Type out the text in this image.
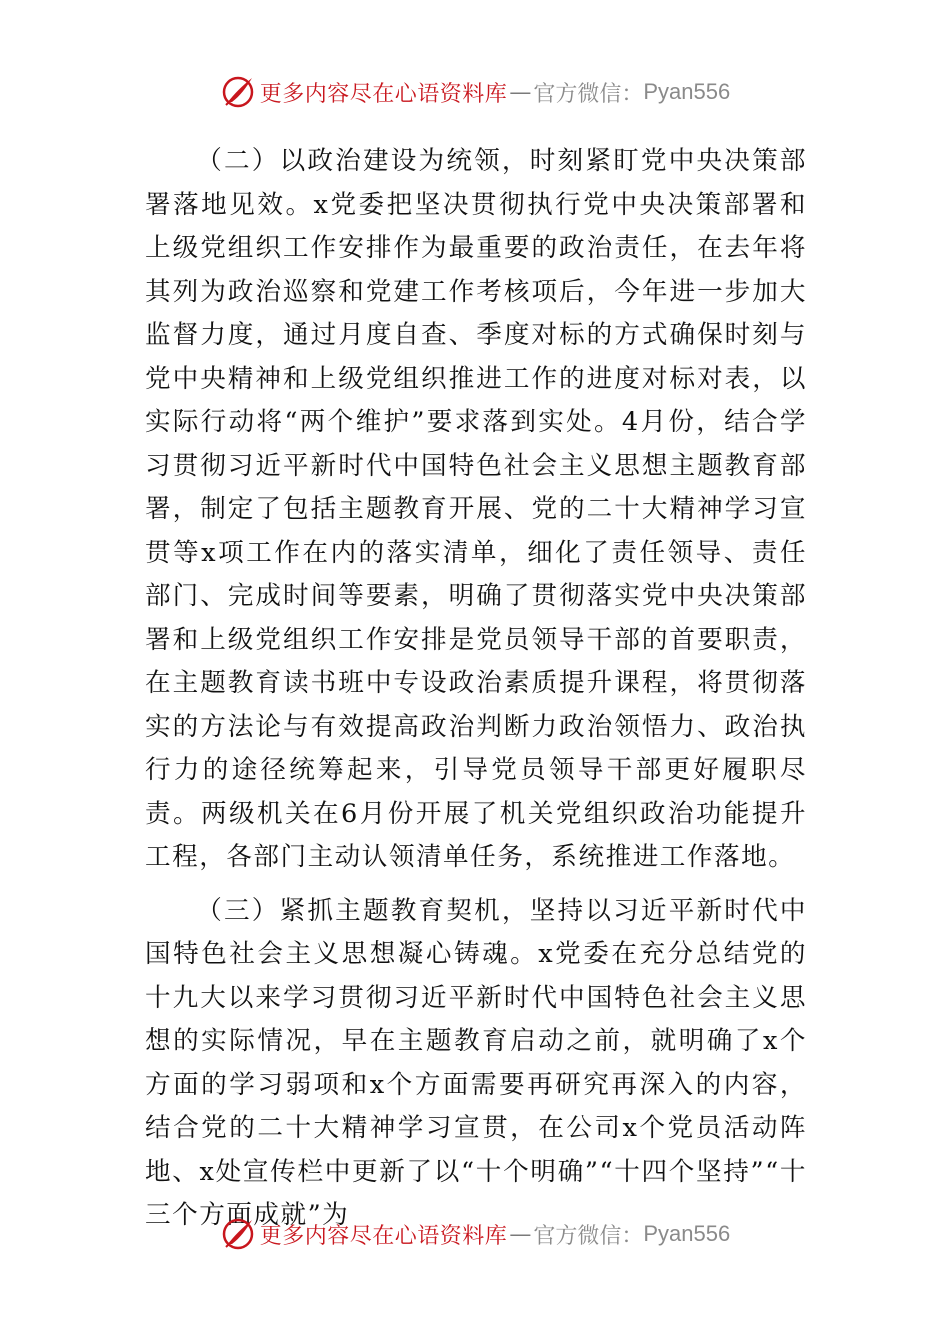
更多内容尽在心语资料库 — 官方微信： Pyan556

（二）以政治建设为统领，时刻紧盯党中央决策部署落地见效。x党委把坚决贯彻执行党中央决策部署和上级党组织工作安排作为最重要的政治责任，在去年将其列为政治巡察和党建工作考核项后，今年进一步加大监督力度，通过月度自查、季度对标的方式确保时刻与党中央精神和上级党组织推进工作的进度对标对表，以实际行动将“两个维护”要求落到实处。4月份，结合学习贯彻习近平新时代中国特色社会主义思想主题教育部署，制定了包括主题教育开展、党的二十大精神学习宣贯等x项工作在内的落实清单，细化了责任领导、责任部门、完成时间等要素，明确了贯彻落实党中央决策部署和上级党组织工作安排是党员领导干部的首要职责，在主题教育读书班中专设政治素质提升课程，将贯彻落实的方法论与有效提高政治判断力政治领悟力、政治执行力的途径统筹起来，引导党员领导干部更好履职尽责。两级机关在6月份开展了机关党组织政治功能提升工程，各部门主动认领清单任务，系统推进工作落地。

（三）紧抓主题教育契机，坚持以习近平新时代中国特色社会主义思想凝心铸魂。x党委在充分总结党的十九大以来学习贯彻习近平新时代中国特色社会主义思想的实际情况，早在主题教育启动之前，就明确了x个方面的学习弱项和x个方面需要再研究再深入的内容，结合党的二十大精神学习宣贯，在公司x个党员活动阵地、x处宣传栏中更新了以“十个明确”“十四个坚持”“十三个方面成就”为

更多内容尽在心语资料库 — 官方微信： Pyan556
